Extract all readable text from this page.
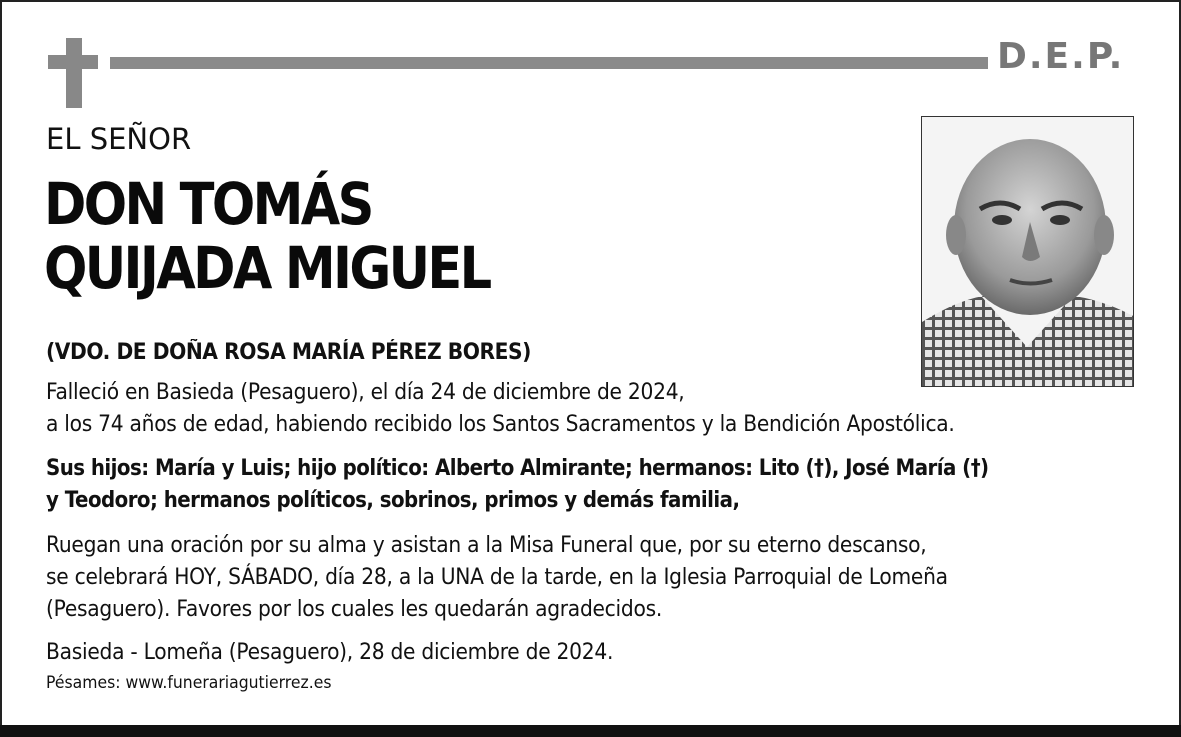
D.E.P.
EL SEÑOR
DON TOMÁS
QUIJADA MIGUEL
(VDO. DE DOÑA ROSA MARÍA PÉREZ BORES)
Falleció en Basieda (Pesaguero), el día 24 de diciembre de 2024,
a los 74 años de edad, habiendo recibido los Santos Sacramentos y la Bendición Apostólica.
Sus hijos: María y Luis; hijo político: Alberto Almirante; hermanos: Lito (†), José María (†)
y Teodoro; hermanos políticos, sobrinos, primos y demás familia,
Ruegan una oración por su alma y asistan a la Misa Funeral que, por su eterno descanso,
se celebrará HOY, SÁBADO, día 28, a la UNA de la tarde, en la Iglesia Parroquial de Lomeña
(Pesaguero). Favores por los cuales les quedarán agradecidos.
Basieda - Lomeña (Pesaguero), 28 de diciembre de 2024.
Pésames: www.funerariagutierrez.es
